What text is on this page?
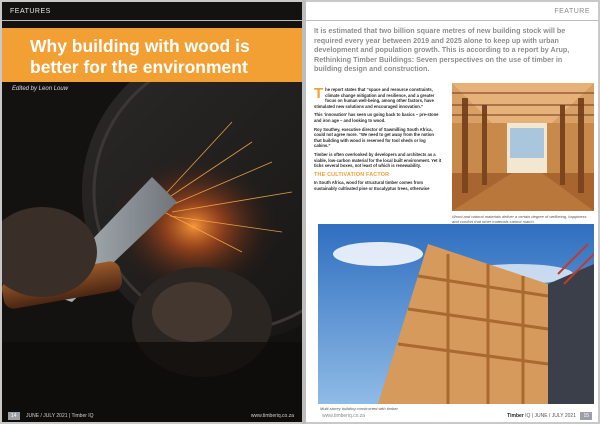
FEATURES
Why building with wood is better for the environment
Edited by Leon Louw
14	JUNE / JULY 2021 | Timber IQ	www.timberiq.co.za
FEATURE

It is estimated that two billion square metres of new building stock will be required every year between 2019 and 2025 alone to keep up with urban development and population growth. This is according to a report by Arup, Rethinking Timber Buildings: Seven perspectives on the use of timber in building design and construction.

The report states that “space and resource constraints, climate change mitigation and resilience, and a greater focus on human well-being, among other factors, have stimulated new solutions and encouraged innovation.”

This ‘innovation’ has seen us going back to basics – pre-stone and iron age – and looking to wood.

Roy Southey, executive director of Sawmilling South Africa, could not agree more. “We need to get away from the notion that building with wood is reserved for tool sheds or log cabins.”

Timber is often overlooked by developers and architects as a viable, low-carbon material for the local built environment. Yet it ticks several boxes, not least of which is renewability.

THE CULTIVATION FACTOR

In South Africa, wood for structural timber comes from sustainably cultivated pine or Eucalyptus trees, otherwise

Wood and natural materials deliver a certain degree of wellbeing, happiness and comfort that other materials cannot match.
Multi-storey building constructed with timber.
www.timberiq.co.za	Timber IQ | JUNE / JULY 2021	15
